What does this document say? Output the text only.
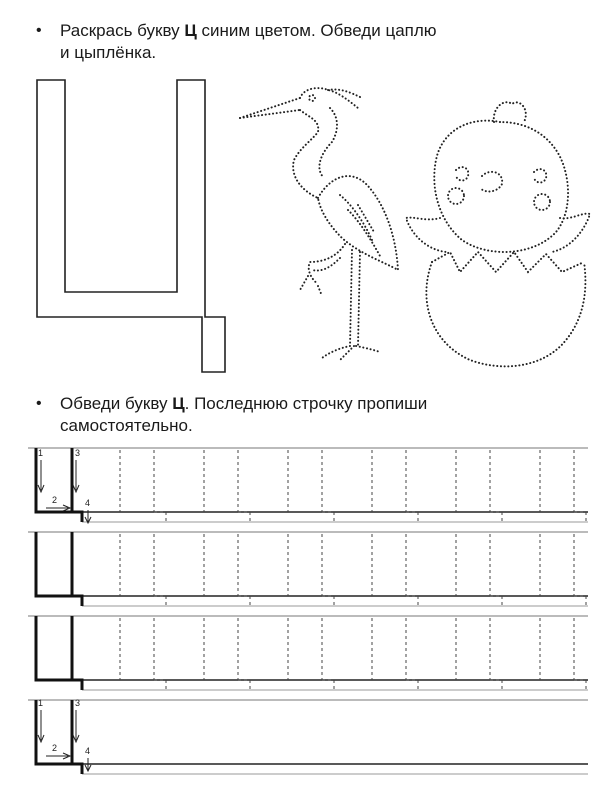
•	Раскрась букву Ц синим цветом. Обведи цаплю
и цыплёнка.
•	Обведи букву Ц. Последнюю строчку пропиши
самостоятельно.
1	3
2	4
1	3
2	4
